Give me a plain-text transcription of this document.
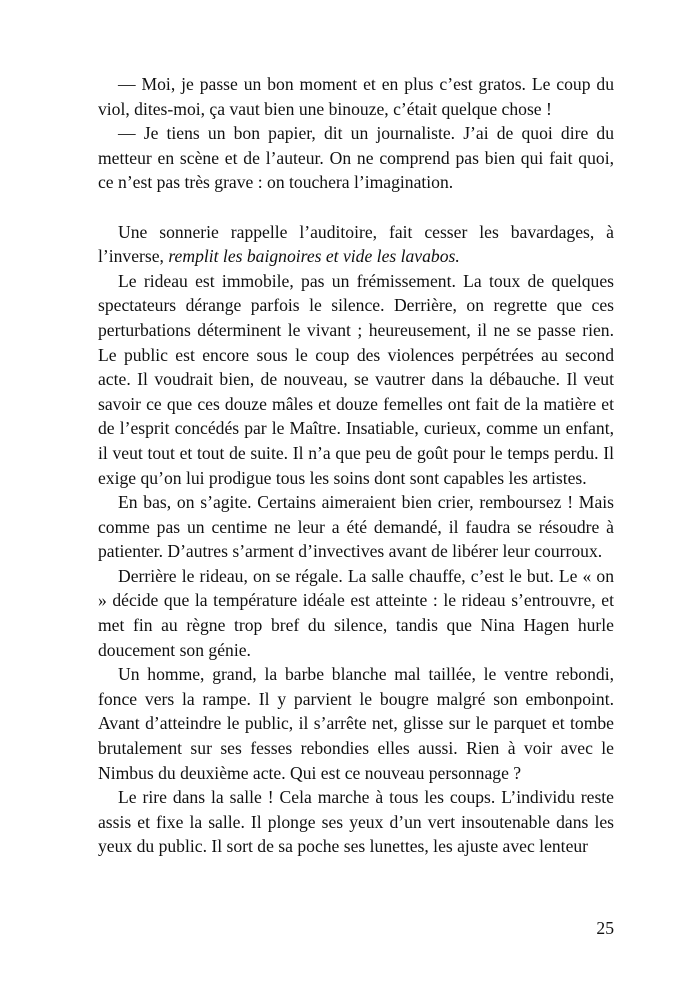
— Moi, je passe un bon moment et en plus c’est gratos. Le coup du viol, dites-moi, ça vaut bien une binouze, c’était quelque chose !

— Je tiens un bon papier, dit un journaliste. J’ai de quoi dire du metteur en scène et de l’auteur. On ne comprend pas bien qui fait quoi, ce n’est pas très grave : on touchera l’imagination.

Une sonnerie rappelle l’auditoire, fait cesser les bavardages, à l’inverse, remplit les baignoires et vide les lavabos.

Le rideau est immobile, pas un frémissement. La toux de quelques spectateurs dérange parfois le silence. Derrière, on regrette que ces perturbations déterminent le vivant ; heureusement, il ne se passe rien. Le public est encore sous le coup des violences perpétrées au second acte. Il voudrait bien, de nouveau, se vautrer dans la débauche. Il veut savoir ce que ces douze mâles et douze femelles ont fait de la matière et de l’esprit concédés par le Maître. Insatiable, curieux, comme un enfant, il veut tout et tout de suite. Il n’a que peu de goût pour le temps perdu. Il exige qu’on lui prodigue tous les soins dont sont capables les artistes.

En bas, on s’agite. Certains aimeraient bien crier, remboursez ! Mais comme pas un centime ne leur a été demandé, il faudra se résoudre à patienter. D’autres s’arment d’invectives avant de libérer leur courroux.

Derrière le rideau, on se régale. La salle chauffe, c’est le but. Le « on » décide que la température idéale est atteinte : le rideau s’entrouvre, et met fin au règne trop bref du silence, tandis que Nina Hagen hurle doucement son génie.

Un homme, grand, la barbe blanche mal taillée, le ventre rebondi, fonce vers la rampe. Il y parvient le bougre malgré son embonpoint. Avant d’atteindre le public, il s’arrête net, glisse sur le parquet et tombe brutalement sur ses fesses rebondies elles aussi. Rien à voir avec le Nimbus du deuxième acte. Qui est ce nouveau personnage ?

Le rire dans la salle ! Cela marche à tous les coups. L’individu reste assis et fixe la salle. Il plonge ses yeux d’un vert insoutenable dans les yeux du public. Il sort de sa poche ses lunettes, les ajuste avec lenteur

25
